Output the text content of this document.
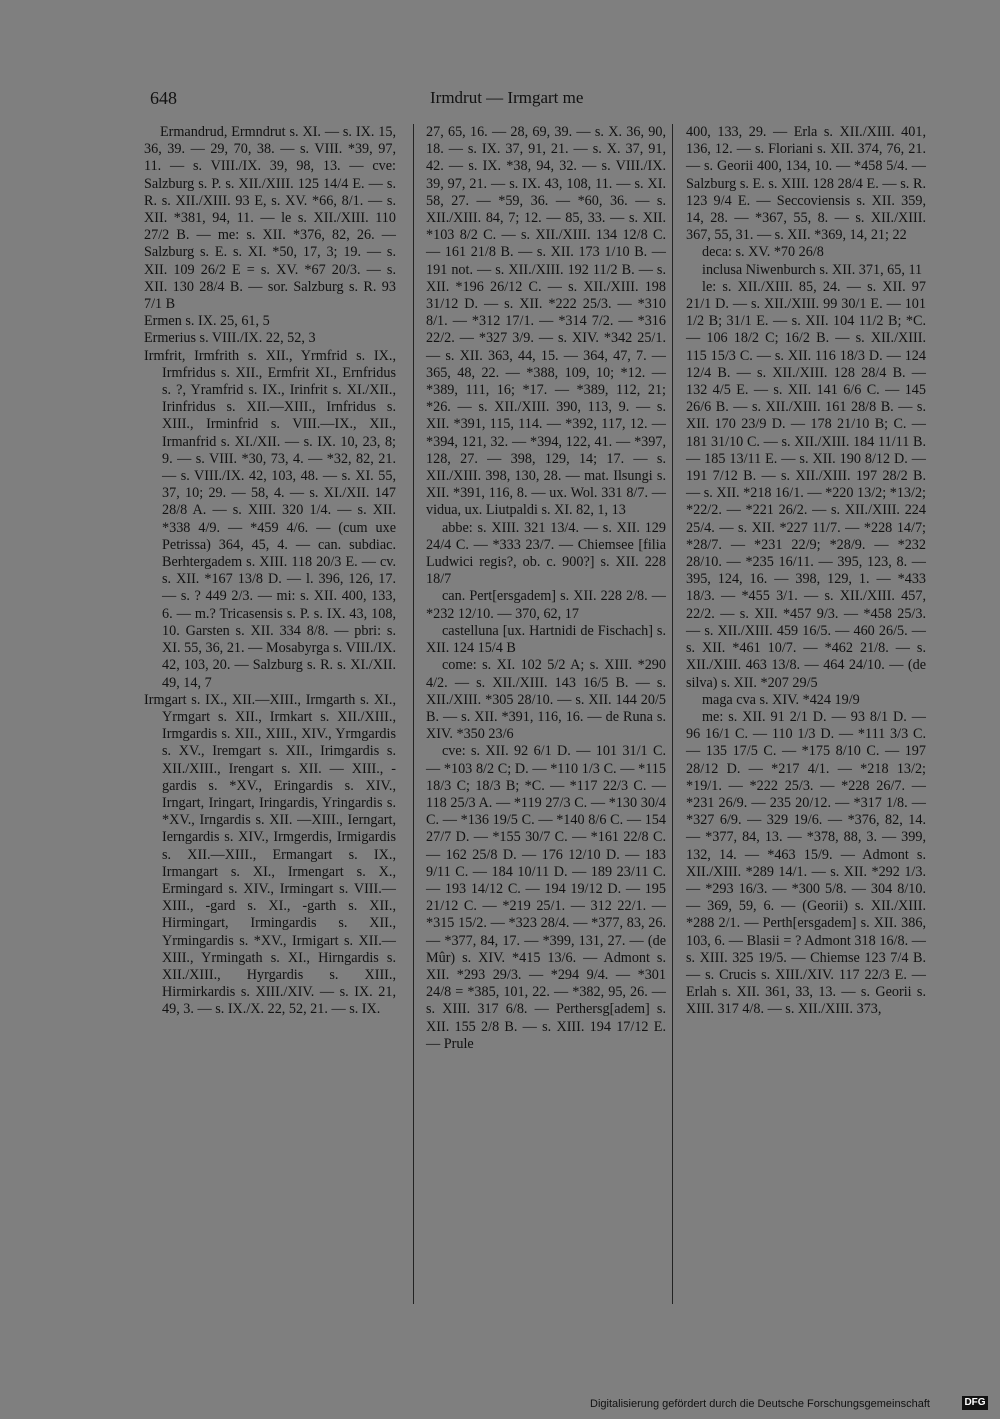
648	Irmdrut — Irmgart me

Ermandrud, Ermndrut s. XI. — s. IX. 15, 36, 39. — 29, 70, 38. — s. VIII. *39, 97, 11. — s. VIII./IX. 39, 98, 13. — cve: Salzburg s. P. s. XII./XIII. 125 14/4 E. — s. R. s. XII./XIII. 93 E, s. XV. *66, 8/1. — s. XII. *381, 94, 11. — le s. XII./XIII. 110 27/2 B. — me: s. XII. *376, 82, 26. — Salzburg s. E. s. XI. *50, 17, 3; 19. — s. XII. 109 26/2 E = s. XV. *67 20/3. — s. XII. 130 28/4 B. — sor. Salzburg s. R. 93 7/1 B

Ermen s. IX. 25, 61, 5

Ermerius s. VIII./IX. 22, 52, 3

Irmfrit, Irmfrith s. XII., Yrmfrid s. IX., Irmfridus s. XII., Ermfrit XI., Ernfridus s. ?, Yramfrid s. IX., Irinfrit s. XI./XII., Irinfridus s. XII.—XIII., Irnfridus s. XIII., Irminfrid s. VIII.—IX., XII., Irmanfrid s. XI./XII. — s. IX. 10, 23, 8; 9. — s. VIII. *30, 73, 4. — *32, 82, 21. — s. VIII./IX. 42, 103, 48. — s. XI. 55, 37, 10; 29. — 58, 4. — s. XI./XII. 147 28/8 A. — s. XIII. 320 1/4. — s. XII. *338 4/9. — *459 4/6. — (cum uxe Petrissa) 364, 45, 4. — can. subdiac. Berhtergadem s. XIII. 118 20/3 E. — cv. s. XII. *167 13/8 D. — l. 396, 126, 17. — s. ? 449 2/3. — mi: s. XII. 400, 133, 6. — m.? Tricasensis s. P. s. IX. 43, 108, 10. Garsten s. XII. 334 8/8. — pbri: s. XI. 55, 36, 21. — Mosabyrga s. VIII./IX. 42, 103, 20. — Salzburg s. R. s. XI./XII. 49, 14, 7

Irmgart s. IX., XII.—XIII., Irmgarth s. XI., Yrmgart s. XII., Irmkart s. XII./XIII., Irmgardis s. XII., XIII., XIV., Yrmgardis s. XV., Iremgart s. XII., Irimgardis s. XII./XIII., Irengart s. XII. — XIII., -gardis s. *XV., Eringardis s. XIV., Irngart, Iringart, Iringardis, Yringardis s. *XV., Irngardis s. XII. —XIII., Ierngart, Ierngardis s. XIV., Irmgerdis, Irmigardis s. XII.—XIII., Ermangart s. IX., Irmangart s. XI., Irmengart s. X., Ermingard s. XIV., Irmingart s. VIII.—XIII., -gard s. XI., -garth s. XII., Hirmingart, Irmingardis s. XII., Yrmingardis s. *XV., Irmigart s. XII.—XIII., Yrmingath s. XI., Hirngardis s. XII./XIII., Hyrgardis s. XIII., Hirmirkardis s. XIII./XIV. — s. IX. 21, 49, 3. — s. IX./X. 22, 52, 21. — s. IX.

27, 65, 16. — 28, 69, 39. — s. X. 36, 90, 18. — s. IX. 37, 91, 21. — s. X. 37, 91, 42. — s. IX. *38, 94, 32. — s. VIII./IX. 39, 97, 21. — s. IX. 43, 108, 11. — s. XI. 58, 27. — *59, 36. — *60, 36. — s. XII./XIII. 84, 7; 12. — 85, 33. — s. XII. *103 8/2 C. — s. XII./XIII. 134 12/8 C. — 161 21/8 B. — s. XII. 173 1/10 B. — 191 not. — s. XII./XIII. 192 11/2 B. — s. XII. *196 26/12 C. — s. XII./XIII. 198 31/12 D. — s. XII. *222 25/3. — *310 8/1. — *312 17/1. — *314 7/2. — *316 22/2. — *327 3/9. — s. XIV. *342 25/1. — s. XII. 363, 44, 15. — 364, 47, 7. — 365, 48, 22. — *388, 109, 10; *12. — *389, 111, 16; *17. — *389, 112, 21; *26. — s. XII./XIII. 390, 113, 9. — s. XII. *391, 115, 114. — *392, 117, 12. — *394, 121, 32. — *394, 122, 41. — *397, 128, 27. — 398, 129, 14; 17. — s. XII./XIII. 398, 130, 28. — mat. Ilsungi s. XII. *391, 116, 8. — ux. Wol. 331 8/7. — vidua, ux. Liutpaldi s. XI. 82, 1, 13

abbe: s. XIII. 321 13/4. — s. XII. 129 24/4 C. — *333 23/7. — Chiemsee [filia Ludwici regis?, ob. c. 900?] s. XII. 228 18/7

can. Pert[ersgadem] s. XII. 228 2/8. — *232 12/10. — 370, 62, 17

castelluna [ux. Hartnidi de Fischach] s. XII. 124 15/4 B

come: s. XI. 102 5/2 A; s. XIII. *290 4/2. — s. XII./XIII. 143 16/5 B. — s. XII./XIII. *305 28/10. — s. XII. 144 20/5 B. — s. XII. *391, 116, 16. — de Runa s. XIV. *350 23/6

cve: s. XII. 92 6/1 D. — 101 31/1 C. — *103 8/2 C; D. — *110 1/3 C. — *115 18/3 C; 18/3 B; *C. — *117 22/3 C. — 118 25/3 A. — *119 27/3 C. — *130 30/4 C. — *136 19/5 C. — *140 8/6 C. — 154 27/7 D. — *155 30/7 C. — *161 22/8 C. — 162 25/8 D. — 176 12/10 D. — 183 9/11 C. — 184 10/11 D. — 189 23/11 C. — 193 14/12 C. — 194 19/12 D. — 195 21/12 C. — *219 25/1. — 312 22/1. — *315 15/2. — *323 28/4. — *377, 83, 26. — *377, 84, 17. — *399, 131, 27. — (de Mûr) s. XIV. *415 13/6. — Admont s. XII. *293 29/3. — *294 9/4. — *301 24/8 = *385, 101, 22. — *382, 95, 26. — s. XIII. 317 6/8. — Perthersg[adem] s. XII. 155 2/8 B. — s. XIII. 194 17/12 E. — Prule

400, 133, 29. — Erla s. XII./XIII. 401, 136, 12. — s. Floriani s. XII. 374, 76, 21. — s. Georii 400, 134, 10. — *458 5/4. — Salzburg s. E. s. XIII. 128 28/4 E. — s. R. 123 9/4 E. — Seccoviensis s. XII. 359, 14, 28. — *367, 55, 8. — s. XII./XIII. 367, 55, 31. — s. XII. *369, 14, 21; 22

deca: s. XV. *70 26/8

inclusa Niwenburch s. XII. 371, 65, 11

le: s. XII./XIII. 85, 24. — s. XII. 97 21/1 D. — s. XII./XIII. 99 30/1 E. — 101 1/2 B; 31/1 E. — s. XII. 104 11/2 B; *C. — 106 18/2 C; 16/2 B. — s. XII./XIII. 115 15/3 C. — s. XII. 116 18/3 D. — 124 12/4 B. — s. XII./XIII. 128 28/4 B. — 132 4/5 E. — s. XII. 141 6/6 C. — 145 26/6 B. — s. XII./XIII. 161 28/8 B. — s. XII. 170 23/9 D. — 178 21/10 B; C. — 181 31/10 C. — s. XII./XIII. 184 11/11 B. — 185 13/11 E. — s. XII. 190 8/12 D. — 191 7/12 B. — s. XII./XIII. 197 28/2 B. — s. XII. *218 16/1. — *220 13/2; *13/2; *22/2. — *221 26/2. — s. XII./XIII. 224 25/4. — s. XII. *227 11/7. — *228 14/7; *28/7. — *231 22/9; *28/9. — *232 28/10. — *235 16/11. — 395, 123, 8. — 395, 124, 16. — 398, 129, 1. — *433 18/3. — *455 3/1. — s. XII./XIII. 457, 22/2. — s. XII. *457 9/3. — *458 25/3. — s. XII./XIII. 459 16/5. — 460 26/5. — s. XII. *461 10/7. — *462 21/8. — s. XII./XIII. 463 13/8. — 464 24/10. — (de silva) s. XII. *207 29/5

maga cva s. XIV. *424 19/9

me: s. XII. 91 2/1 D. — 93 8/1 D. — 96 16/1 C. — 110 1/3 D. — *111 3/3 C. — 135 17/5 C. — *175 8/10 C. — 197 28/12 D. — *217 4/1. — *218 13/2; *19/1. — *222 25/3. — *228 26/7. — *231 26/9. — 235 20/12. — *317 1/8. — *327 6/9. — 329 19/6. — *376, 82, 14. — *377, 84, 13. — *378, 88, 3. — 399, 132, 14. — *463 15/9. — Admont s. XII./XIII. *289 14/1. — s. XII. *292 1/3. — *293 16/3. — *300 5/8. — 304 8/10. — 369, 59, 6. — (Georii) s. XII./XIII. *288 2/1. — Perth[ersgadem] s. XII. 386, 103, 6. — Blasii = ? Admont 318 16/8. — s. XIII. 325 19/5. — Chiemse 123 7/4 B. — s. Crucis s. XIII./XIV. 117 22/3 E. — Erlah s. XII. 361, 33, 13. — s. Georii s. XIII. 317 4/8. — s. XII./XIII. 373,

Digitalisierung gefördert durch die Deutsche Forschungsgemeinschaft	DFG
